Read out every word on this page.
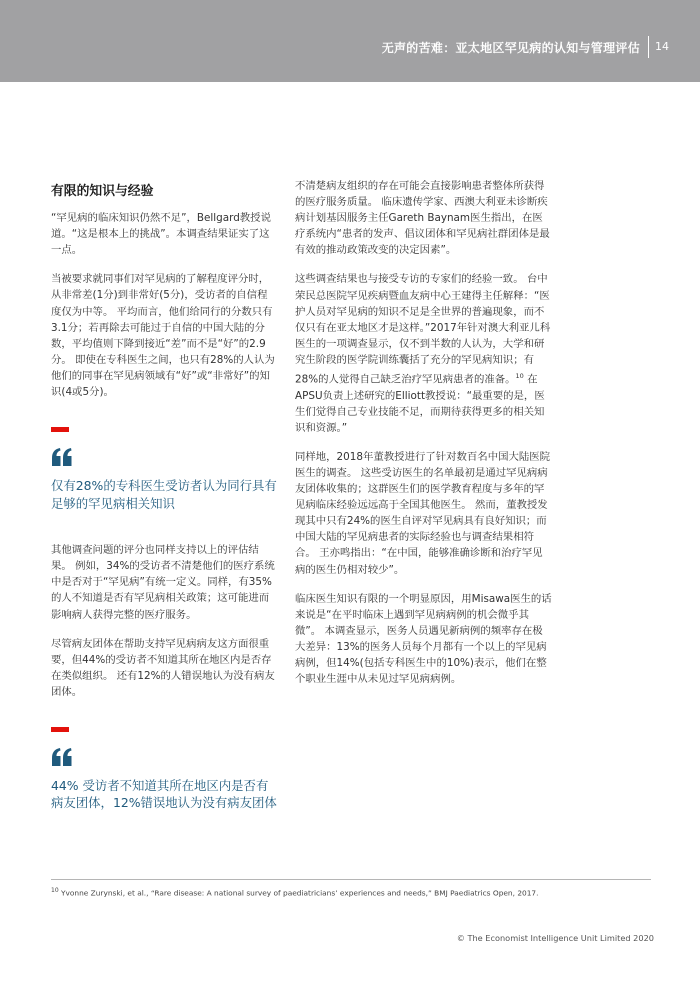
无声的苦难：亚太地区罕见病的认知与管理评估 14
有限的知识与经验

“罕见病的临床知识仍然不足”，Bellgard教授说道。“这是根本上的挑战”。本调查结果证实了这一点。

当被要求就同事们对罕见病的了解程度评分时，从非常差(1分)到非常好(5分)，受访者的自信程度仅为中等。 平均而言，他们给同行的分数只有3.1分；若再除去可能过于自信的中国大陆的分数，平均值则下降到接近“差”而不是“好”的2.9分。 即使在专科医生之间，也只有28%的人认为他们的同事在罕见病领域有“好”或“非常好”的知识(4或5分)。

仅有28%的专科医生受访者认为同行具有足够的罕见病相关知识

其他调查问题的评分也同样支持以上的评估结果。 例如，34%的受访者不清楚他们的医疗系统中是否对于“罕见病”有统一定义。同样，有35%的人不知道是否有罕见病相关政策；这可能进而影响病人获得完整的医疗服务。

尽管病友团体在帮助支持罕见病病友这方面很重要，但44%的受访者不知道其所在地区内是否存在类似组织。 还有12%的人错误地认为没有病友团体。

44% 受访者不知道其所在地区内是否有病友团体，12%错误地认为没有病友团体

不清楚病友组织的存在可能会直接影响患者整体所获得的医疗服务质量。 临床遗传学家、西澳大利亚未诊断疾病计划基因服务主任Gareth Baynam医生指出，在医疗系统内“患者的发声、倡议团体和罕见病社群团体是最有效的推动政策改变的决定因素”。

这些调查结果也与接受专访的专家们的经验一致。 台中荣民总医院罕见疾病暨血友病中心王建得主任解释：“医护人员对罕见病的知识不足是全世界的普遍现象，而不仅只有在亚太地区才是这样。”2017年针对澳大利亚儿科医生的一项调查显示，仅不到半数的人认为，大学和研究生阶段的医学院训练囊括了充分的罕见病知识；有28%的人觉得自己缺乏治疗罕见病患者的准备。$^{10}$ 在APSU负责上述研究的Elliott教授说：“最重要的是，医生们觉得自己专业技能不足，而期待获得更多的相关知识和资源。”

同样地，2018年董教授进行了针对数百名中国大陆医院医生的调查。 这些受访医生的名单最初是通过罕见病病友团体收集的；这群医生们的医学教育程度与多年的罕见病临床经验远远高于全国其他医生。 然而，董教授发现其中只有24%的医生自评对罕见病具有良好知识；而中国大陆的罕见病患者的实际经验也与调查结果相符合。 王亦鸣指出：“在中国，能够准确诊断和治疗罕见病的医生仍相对较少”。

临床医生知识有限的一个明显原因，用Misawa医生的话来说是“在平时临床上遇到罕见病病例的机会微乎其微”。 本调查显示，医务人员遇见新病例的频率存在极大差异：13%的医务人员每个月都有一个以上的罕见病病例，但14%(包括专科医生中的10%)表示，他们在整个职业生涯中从未见过罕见病病例。

$^{10}$ Yvonne Zurynski, et al., “Rare disease: A national survey of paediatricians’ experiences and needs,” BMJ Paediatrics Open, 2017.
© The Economist Intelligence Unit Limited 2020
